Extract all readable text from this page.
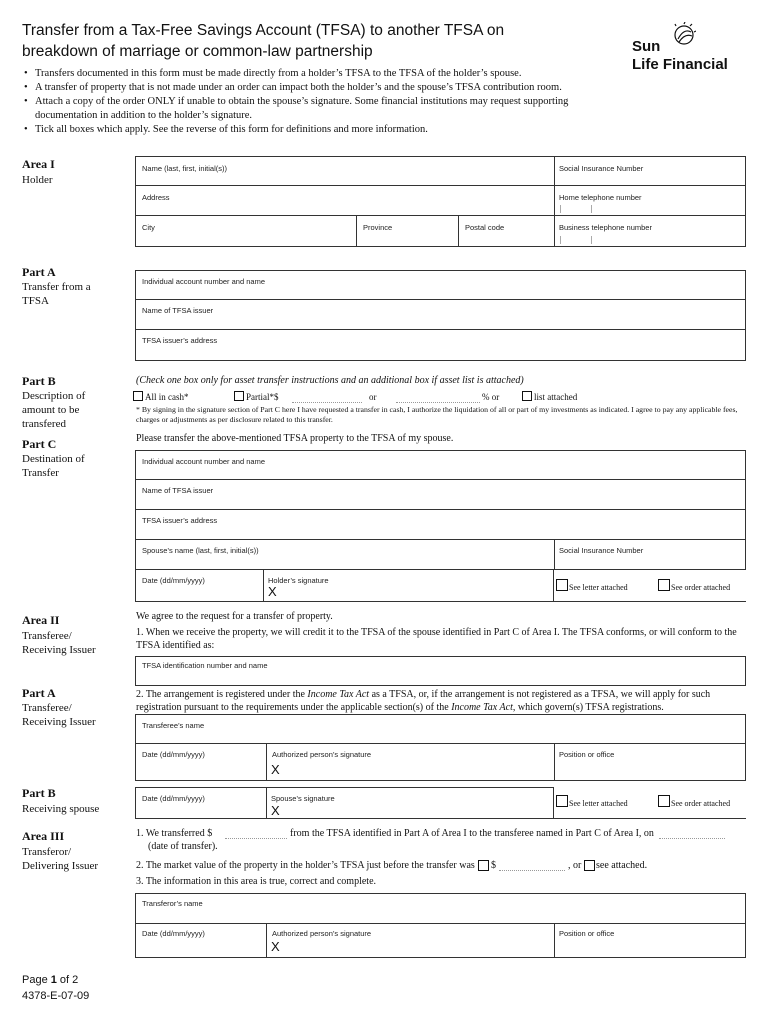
Transfer from a Tax-Free Savings Account (TFSA) to another TFSA on breakdown of marriage or common-law partnership	Sun
Life Financial
• Transfers documented in this form must be made directly from a holder’s TFSA to the TFSA of the holder’s spouse.
• A transfer of property that is not made under an order can impact both the holder’s and the spouse’s TFSA contribution room.
• Attach a copy of the order ONLY if unable to obtain the spouse’s signature. Some financial institutions may request supporting documentation in addition to the holder’s signature.
• Tick all boxes which apply. See the reverse of this form for definitions and more information.
Area I
Holder
Name (last, first, initial(s))	Social Insurance Number
Address	Home telephone number
City	Province	Postal code	Business telephone number
Part A
Transfer from a TFSA
Individual account number and name
Name of TFSA issuer
TFSA issuer’s address
Part B
Description of amount to be transfered
(Check one box only for asset transfer instructions and an additional box if asset list is attached)
All in cash*	Partial*$	or	% or	list attached
* By signing in the signature section of Part C here I have requested a transfer in cash, I authorize the liquidation of all or part of my investments as indicated. I agree to pay any applicable fees, charges or adjustments as per disclosure related to this transfer.
Part C
Destination of Transfer
Please transfer the above-mentioned TFSA property to the TFSA of my spouse.
Individual account number and name
Name of TFSA issuer
TFSA issuer’s address
Spouse’s name (last, first, initial(s))	Social Insurance Number
Date (dd/mm/yyyy)	Holder’s signature
X	See letter attached	See order attached
Area II
Transferee/ Receiving Issuer
We agree to the request for a transfer of property.
1. When we receive the property, we will credit it to the TFSA of the spouse identified in Part C of Area I. The TFSA conforms, or will conform to the TFSA identified as:
TFSA identification number and name
Part A
Transferee/ Receiving Issuer
2. The arrangement is registered under the Income Tax Act as a TFSA, or, if the arrangement is not registered as a TFSA, we will apply for such registration pursuant to the requirements under the applicable section(s) of the Income Tax Act, which govern(s) TFSA registrations.
Transferee’s name
Date (dd/mm/yyyy)	Authorized person’s signature
X
Position or office
Part B
Receiving spouse
Date (dd/mm/yyyy)	Spouse’s signature
X	See letter attached	See order attached
Area III
Transferor/ Delivering Issuer
1. We transferred $	from the TFSA identified in Part A of Area I to the transferee named in Part C of Area I, on
(date of transfer).
2. The market value of the property in the holder’s TFSA just before the transfer was $	, or see attached.
3. The information in this area is true, correct and complete.
Transferor’s name
Date (dd/mm/yyyy)	Authorized person’s signature
X
Position or office
Page 1 of 2
4378-E-07-09
